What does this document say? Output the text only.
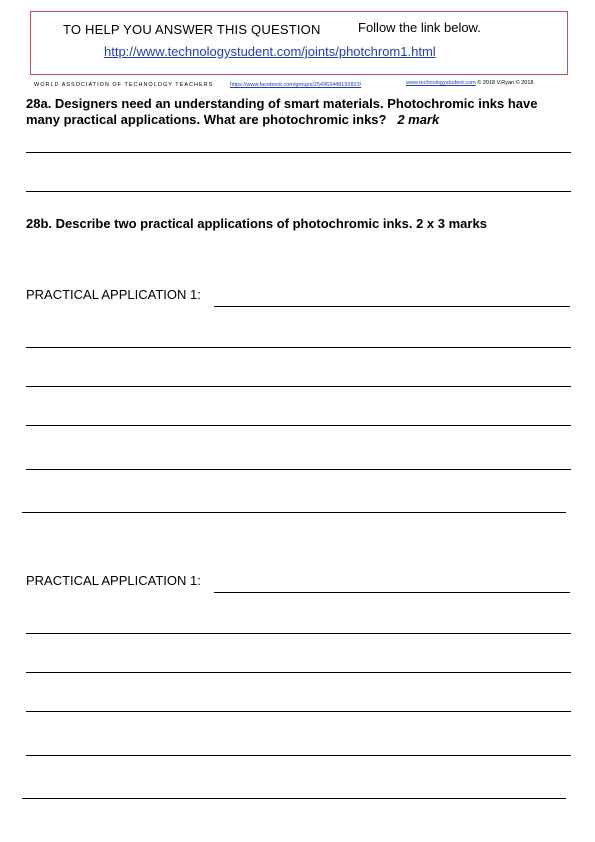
TO HELP YOU ANSWER THIS QUESTION	Follow the link below.
http://www.technologystudent.com/joints/photchrom1.html
WORLD ASSOCIATION OF TECHNOLOGY TEACHERS	https://www.facebook.com/groups/254963448192823/	www.technologystudent.com © 2018 V.Ryan © 2018
28a. Designers need an understanding of smart materials. Photochromic inks have many practical applications. What are photochromic inks? 2 mark
28b. Describe two practical applications of photochromic inks. 2 x 3 marks
PRACTICAL APPLICATION 1:
PRACTICAL APPLICATION 1:
